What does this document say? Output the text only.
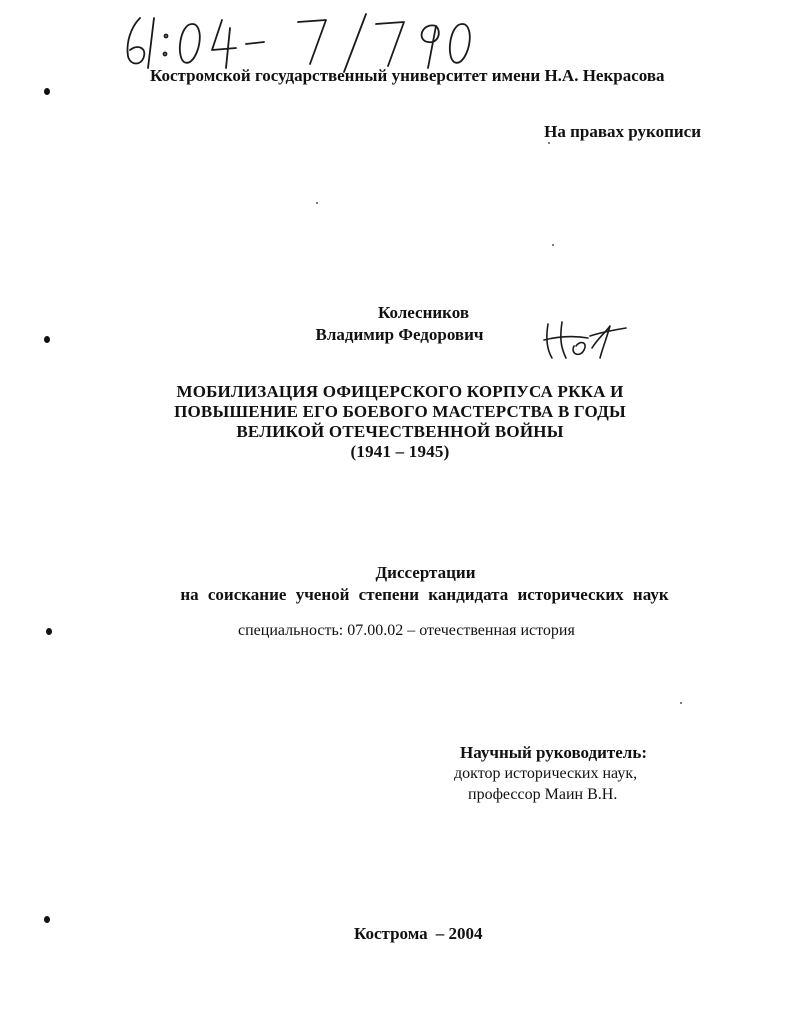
Костромской государственный университет имени Н.А. Некрасова
На правах рукописи
Колесников
Владимир Федорович
МОБИЛИЗАЦИЯ ОФИЦЕРСКОГО КОРПУСА РККА И
ПОВЫШЕНИЕ ЕГО БОЕВОГО МАСТЕРСТВА В ГОДЫ
ВЕЛИКОЙ ОТЕЧЕСТВЕННОЙ ВОЙНЫ
(1941 – 1945)
Диссертации
на соискание ученой степени кандидата исторических наук
специальность: 07.00.02 – отечественная история
Научный руководитель:
доктор исторических наук,
профессор Маин В.Н.
Кострома – 2004
